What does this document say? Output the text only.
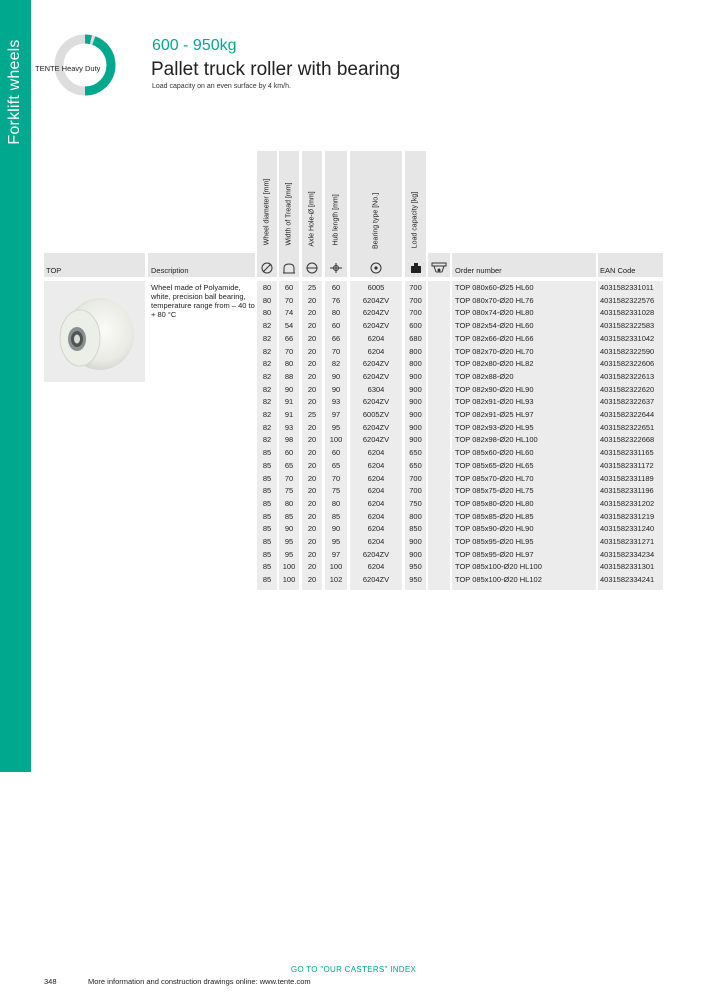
Forklift wheels TENTE Heavy Duty
600 - 950kg
Pallet truck roller with bearing
Load capacity on an even surface by 4 km/h.
Wheel diameter [mm] Width of Tread [mm] Axle Hole-Ø [mm] Hub length [mm]	Bearing type [No.]	Load capacity [kg]
TOP	Description	Order number	EAN Code
Wheel made of Polyamide, white, precision ball bearing, temperature range from – 40 to + 80 °C
80	60	25	60	6005	700	TOP 080x60-Ø25 HL60	4031582331011
80	70	20	76	6204ZV	700	TOP 080x70-Ø20 HL76	4031582322576
80	74	20	80	6204ZV	700	TOP 080x74-Ø20 HL80	4031582331028
82	54	20	60	6204ZV	600	TOP 082x54-Ø20 HL60	4031582322583
82	66	20	66	6204	680	TOP 082x66-Ø20 HL66	4031582331042
82	70	20	70	6204	800	TOP 082x70-Ø20 HL70	4031582322590
82	80	20	82	6204ZV	800	TOP 082x80-Ø20 HL82	4031582322606
82	88	20	90	6204ZV	900	TOP 082x88-Ø20	4031582322613
82	90	20	90	6304	900	TOP 082x90-Ø20 HL90	4031582322620
82	91	20	93	6204ZV	900	TOP 082x91-Ø20 HL93	4031582322637
82	91	25	97	6005ZV	900	TOP 082x91-Ø25 HL97	4031582322644
82	93	20	95	6204ZV	900	TOP 082x93-Ø20 HL95	4031582322651
82	98	20	100	6204ZV	900	TOP 082x98-Ø20 HL100	4031582322668
85	60	20	60	6204	650	TOP 085x60-Ø20 HL60	4031582331165
85	65	20	65	6204	650	TOP 085x65-Ø20 HL65	4031582331172
85	70	20	70	6204	700	TOP 085x70-Ø20 HL70	4031582331189
85	75	20	75	6204	700	TOP 085x75-Ø20 HL75	4031582331196
85	80	20	80	6204	750	TOP 085x80-Ø20 HL80	4031582331202
85	85	20	85	6204	800	TOP 085x85-Ø20 HL85	4031582331219
85	90	20	90	6204	850	TOP 085x90-Ø20 HL90	4031582331240
85	95	20	95	6204	900	TOP 085x95-Ø20 HL95	4031582331271
85	95	20	97	6204ZV	900	TOP 085x95-Ø20 HL97	4031582334234
85	100	20	100	6204	950	TOP 085x100-Ø20 HL100	4031582331301
85	100	20	102	6204ZV	950	TOP 085x100-Ø20 HL102	4031582334241
GO TO "OUR CASTERS" INDEX
348	More information and construction drawings online: www.tente.com
